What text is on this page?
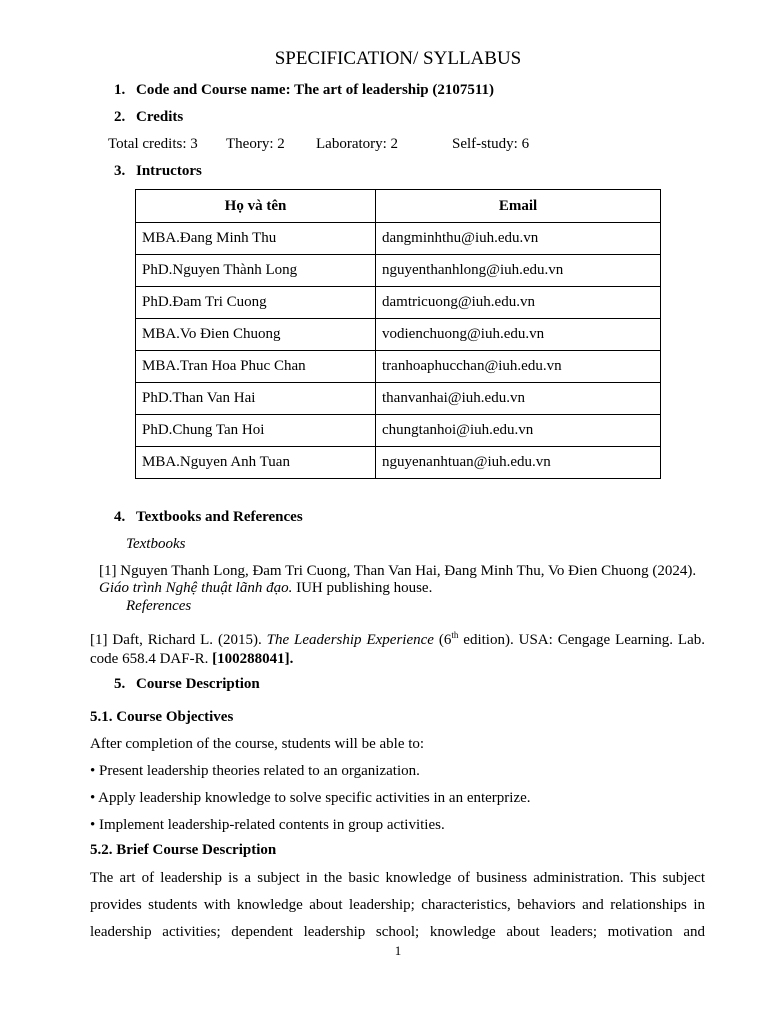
SPECIFICATION/ SYLLABUS
1. Code and Course name: The art of leadership (2107511)
2. Credits
Total credits: 3 Theory: 2 Laboratory: 2	Self-study: 6
3. Intructors
Họ và tên	Email
MBA.Đang Minh Thu	dangminhthu@iuh.edu.vn
PhD.Nguyen Thành Long	nguyenthanhlong@iuh.edu.vn
PhD.Đam Tri Cuong	damtricuong@iuh.edu.vn
MBA.Vo Đien Chuong	vodienchuong@iuh.edu.vn
MBA.Tran Hoa Phuc Chan	tranhoaphucchan@iuh.edu.vn
PhD.Than Van Hai	thanvanhai@iuh.edu.vn
PhD.Chung Tan Hoi	chungtanhoi@iuh.edu.vn
MBA.Nguyen Anh Tuan	nguyenanhtuan@iuh.edu.vn
4. Textbooks and References
Textbooks
[1] Nguyen Thanh Long, Đam Tri Cuong, Than Van Hai, Đang Minh Thu, Vo Đien Chuong (2024).
Giáo trình Nghệ thuật lãnh đạo. IUH publishing house.
References
[1] Daft, Richard L. (2015). The Leadership Experience (6th edition). USA: Cengage Learning. Lab.
code 658.4 DAF-R. [100288041].
5. Course Description
5.1. Course Objectives
After completion of the course, students will be able to:
• Present leadership theories related to an organization.
• Apply leadership knowledge to solve specific activities in an enterprize.
• Implement leadership-related contents in group activities.
5.2. Brief Course Description
The art of leadership is a subject in the basic knowledge of business administration. This subject provides students with knowledge about leadership; characteristics, behaviors and relationships in leadership activities; dependent leadership school; knowledge about leaders; motivation and
1
